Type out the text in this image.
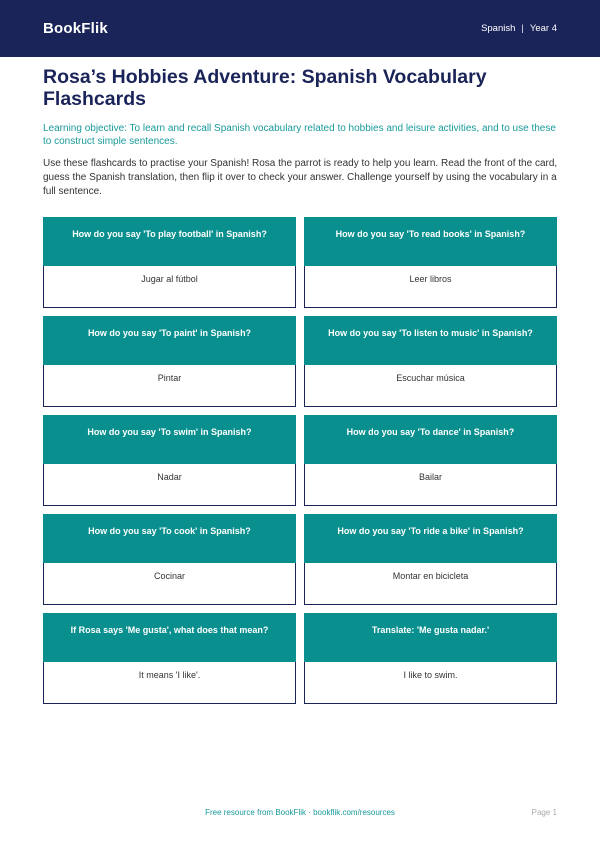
BookFlik	Spanish | Year 4
Rosa’s Hobbies Adventure: Spanish Vocabulary Flashcards

Learning objective: To learn and recall Spanish vocabulary related to hobbies and leisure activities, and to use these to construct simple sentences.

Use these flashcards to practise your Spanish! Rosa the parrot is ready to help you learn. Read the front of the card, guess the Spanish translation, then flip it over to check your answer. Challenge yourself by using the vocabulary in a full sentence.

How do you say 'To play football' in Spanish?
Jugar al fútbol
How do you say 'To read books' in Spanish?
Leer libros
How do you say 'To paint' in Spanish?
Pintar
How do you say 'To listen to music' in Spanish?
Escuchar música
How do you say 'To swim' in Spanish?
Nadar
How do you say 'To dance' in Spanish?
Bailar
How do you say 'To cook' in Spanish?
Cocinar
How do you say 'To ride a bike' in Spanish?
Montar en bicicleta
If Rosa says 'Me gusta', what does that mean?
It means 'I like'.
Translate: 'Me gusta nadar.'
I like to swim.
Free resource from BookFlik · bookflik.com/resources	Page 1
